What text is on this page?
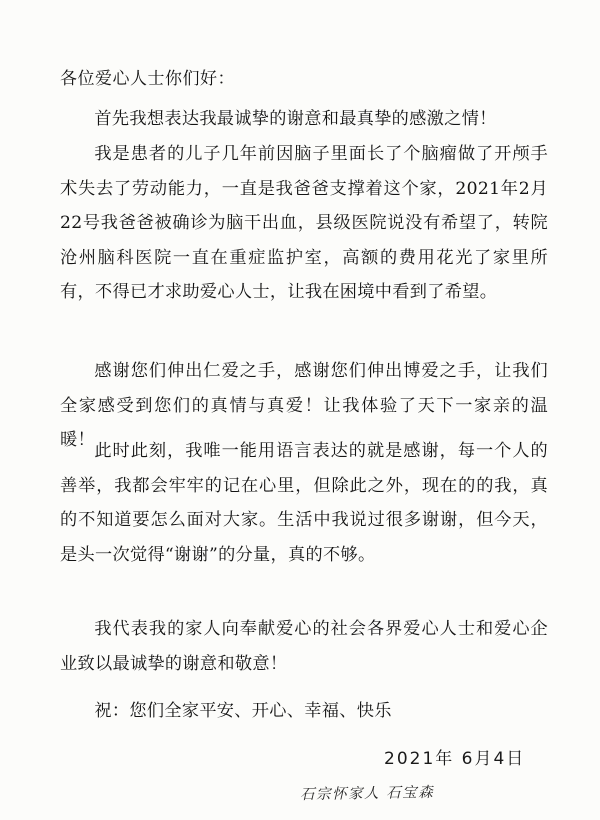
各位爱心人士你们好：
首先我想表达我最诚挚的谢意和最真挚的感激之情！
我是患者的儿子几年前因脑子里面长了个脑瘤做了开颅手术失去了劳动能力，一直是我爸爸支撑着这个家，2021年2月22号我爸爸被确诊为脑干出血，县级医院说没有希望了，转院沧州脑科医院一直在重症监护室，高额的费用花光了家里所有，不得已才求助爱心人士，让我在困境中看到了希望。
感谢您们伸出仁爱之手，感谢您们伸出博爱之手，让我们全家感受到您们的真情与真爱！让我体验了天下一家亲的温暖！
此时此刻，我唯一能用语言表达的就是感谢，每一个人的善举，我都会牢牢的记在心里，但除此之外，现在的的我，真的不知道要怎么面对大家。生活中我说过很多谢谢，但今天，是头一次觉得“谢谢”的分量，真的不够。
我代表我的家人向奉献爱心的社会各界爱心人士和爱心企业致以最诚挚的谢意和敬意！
祝：您们全家平安、开心、幸福、快乐
2021年 6月4日
石宗怀家人 石宝森
